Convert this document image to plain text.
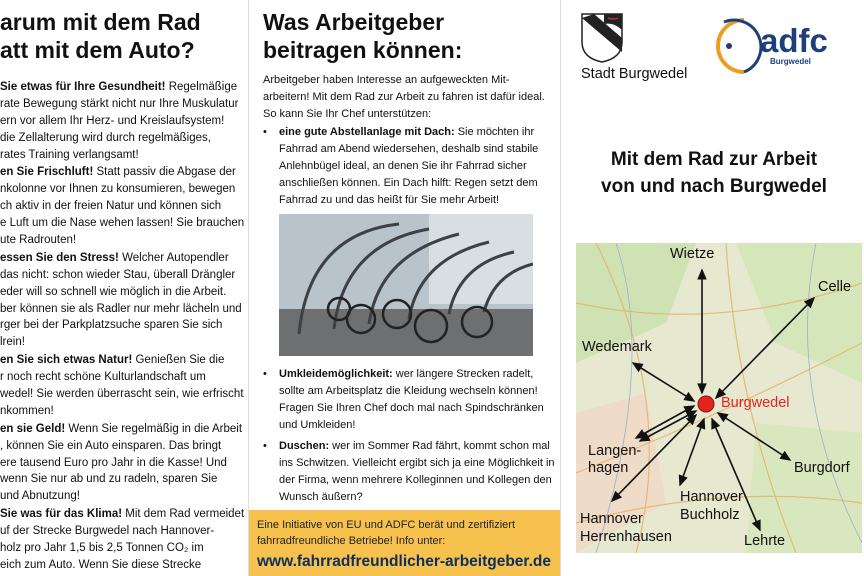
arum mit dem Rad
att mit dem Auto?
Sie etwas für Ihre Gesundheit! Regelmäßige
rate Bewegung stärkt nicht nur Ihre Muskulatur
ern vor allem Ihr Herz- und Kreislaufsystem!
die Zellalterung wird durch regelmäßiges,
rates Training verlangsamt!
en Sie Frischluft! Statt passiv die Abgase der
nkolonne vor Ihnen zu konsumieren, bewegen
ch aktiv in der freien Natur und können sich
e Luft um die Nase wehen lassen! Sie brauchen
ute Radrouten!
essen Sie den Stress! Welcher Autopendler
das nicht: schon wieder Stau, überall Drängler
eder will so schnell wie möglich in die Arbeit.
ber können sie als Radler nur mehr lächeln und
rger bei der Parkplatzsuche sparen Sie sich
lrein!
en Sie sich etwas Natur! Genießen Sie die
r noch recht schöne Kulturlandschaft um
wedel! Sie werden überrascht sein, wie erfrischt
nkommen!
en sie Geld! Wenn Sie regelmäßig in die Arbeit
, können Sie ein Auto einsparen. Das bringt
ere tausend Euro pro Jahr in die Kasse! Und
wenn Sie nur ab und zu radeln, sparen Sie
und Abnutzung!
Sie was für das Klima! Mit dem Rad vermeidet
uf der Strecke Burgwedel nach Hannover-
holz pro Jahr 1,5 bis 2,5 Tonnen CO₂ im
eich zum Auto. Wenn Sie diese Strecke
Was Arbeitgeber beitragen können:
Arbeitgeber haben Interesse an aufgeweckten Mit-arbeitern! Mit dem Rad zur Arbeit zu fahren ist dafür ideal. So kann Sie Ihr Chef unterstützen:
• eine gute Abstellanlage mit Dach: Sie möchten ihr Fahrrad am Abend wiedersehen, deshalb sind stabile Anlehnbügel ideal, an denen Sie ihr Fahrrad sicher anschließen können. Ein Dach hilft: Regen setzt dem Fahrrad zu und das heißt für Sie mehr Arbeit!
• Umkleidemöglichkeit: wer längere Strecken radelt, sollte am Arbeitsplatz die Kleidung wechseln können! Fragen Sie Ihren Chef doch mal nach Spindschränken und Umkleiden!
• Duschen: wer im Sommer Rad fährt, kommt schon mal ins Schwitzen. Vielleicht ergibt sich ja eine Möglichkeit in der Firma, wenn mehrere Kolleginnen und Kollegen den Wunsch äußern?
Eine Initiative von EU und ADFC berät und zertifiziert fahrradfreundliche Betriebe! Info unter:
www.fahrradfreundlicher-arbeitgeber.de
Stadt Burgwedel
adfc
Burgwedel
Mit dem Rad zur Arbeit
von und nach Burgwedel
Wietze
Celle
Wedemark
Burgwedel
Langen-
hagen	Burgdorf
Hannover
Buchholz
Hannover
Herrenhausen	Lehrte
